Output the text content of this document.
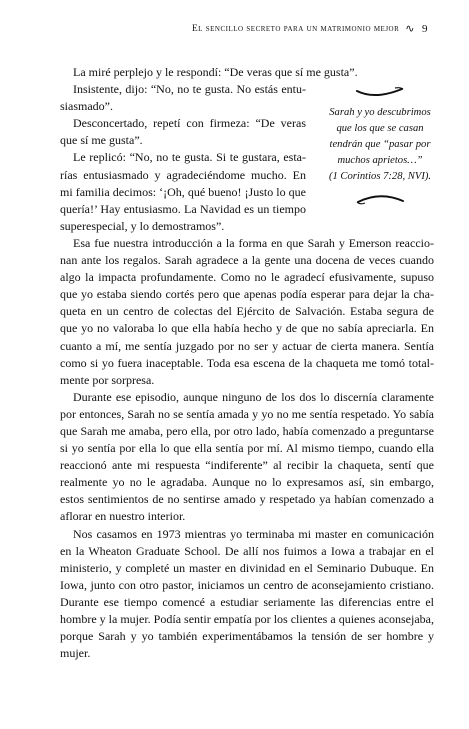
El sencillo secreto para un matrimonio mejor ∿ 9
Sarah y yo descubrimos
que los que se casan
tendrán que “pasar por
muchos aprietos…”
(1 Corintios 7:28, NVI).

La miré perplejo y le respondí: “De veras que sí me gusta”.

Insistente, dijo: “No, no te gusta. No estás entusiasmado”.

Desconcertado, repetí con firmeza: “De veras que sí me gusta”.

Le replicó: “No, no te gusta. Si te gustara, estarías entusiasmado y agradeciéndome mucho. En mi familia decimos: ‘¡Oh, qué bueno! ¡Justo lo que quería!’ Hay entusiasmo. La Navidad es un tiempo superespecial, y lo demostramos”.

Esa fue nuestra introducción a la forma en que Sarah y Emerson reaccionan ante los regalos. Sarah agradece a la gente una docena de veces cuando algo la impacta profundamente. Como no le agradecí efusivamente, supuso que yo estaba siendo cortés pero que apenas podía esperar para dejar la chaqueta en un centro de colectas del Ejército de Salvación. Estaba segura de que yo no valoraba lo que ella había hecho y de que no sabía apreciarla. En cuanto a mí, me sentía juzgado por no ser y actuar de cierta manera. Sentía como si yo fuera inaceptable. Toda esa escena de la chaqueta me tomó totalmente por sorpresa.

Durante ese episodio, aunque ninguno de los dos lo discernía claramente por entonces, Sarah no se sentía amada y yo no me sentía respetado. Yo sabía que Sarah me amaba, pero ella, por otro lado, había comenzado a preguntarse si yo sentía por ella lo que ella sentía por mí. Al mismo tiempo, cuando ella reaccionó ante mi respuesta “indiferente” al recibir la chaqueta, sentí que realmente yo no le agradaba. Aunque no lo expresamos así, sin embargo, estos sentimientos de no sentirse amado y respetado ya habían comenzado a aflorar en nuestro interior.

Nos casamos en 1973 mientras yo terminaba mi master en comunicación en la Wheaton Graduate School. De allí nos fuimos a Iowa a trabajar en el ministerio, y completé un master en divinidad en el Seminario Dubuque. En Iowa, junto con otro pastor, iniciamos un centro de aconsejamiento cristiano. Durante ese tiempo comencé a estudiar seriamente las diferencias entre el hombre y la mujer. Podía sentir empatía por los clientes a quienes aconsejaba, porque Sarah y yo también experimentábamos la tensión de ser hombre y mujer.
